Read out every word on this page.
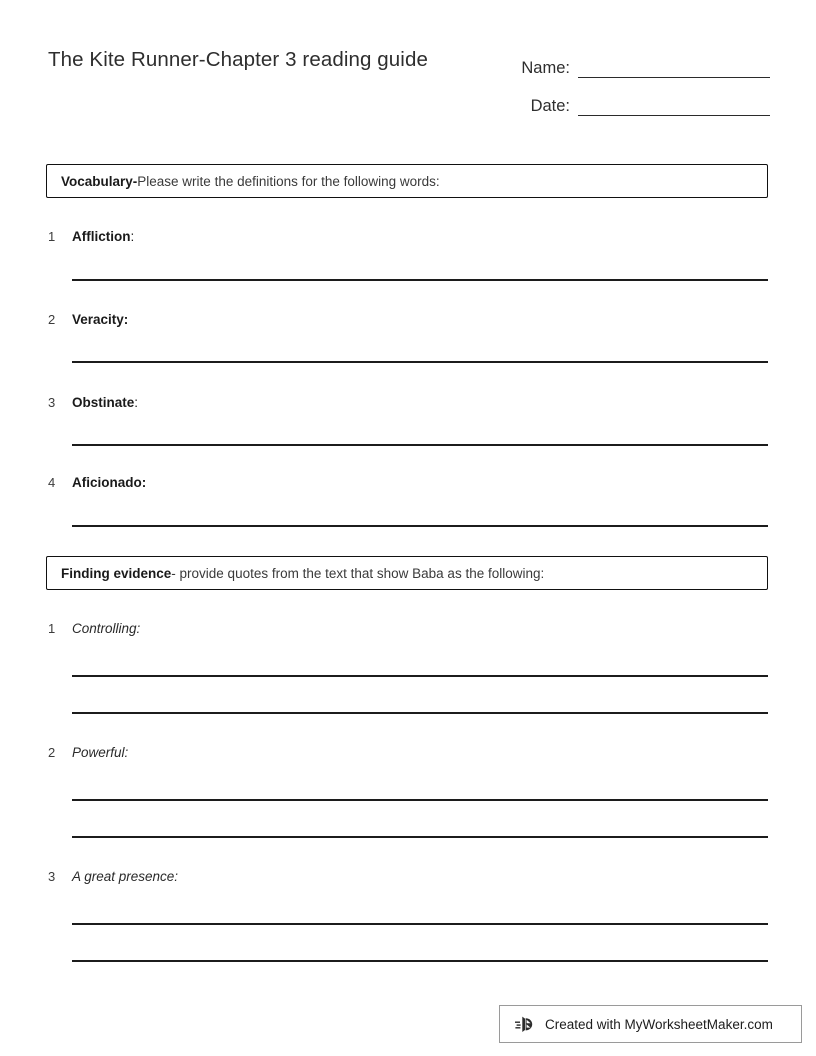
The Kite Runner-Chapter 3 reading guide	Name:
Date:
Vocabulary- Please write the definitions for the following words:
1	Affliction :
2	Veracity:
3	Obstinate :
4	Aficionado:
Finding evidence - provide quotes from the text that show Baba as the following:
1	Controlling:
2	Powerful:
3	A great presence:
Created with MyWorksheetMaker.com
